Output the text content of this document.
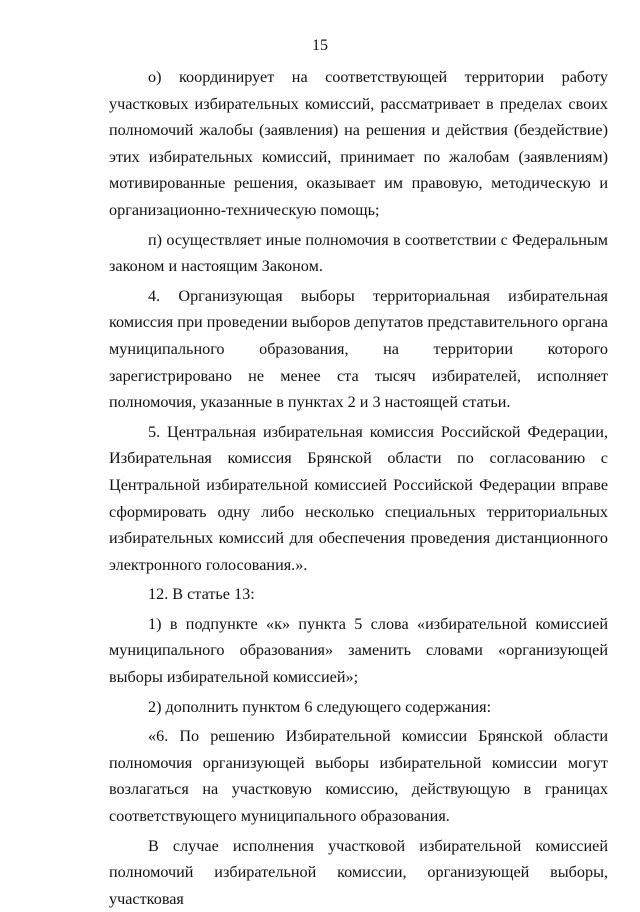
15

о) координирует на соответствующей территории работу участковых избирательных комиссий, рассматривает в пределах своих полномочий жалобы (заявления) на решения и действия (бездействие) этих избирательных комиссий, принимает по жалобам (заявлениям) мотивированные решения, оказывает им правовую, методическую и организационно-техническую помощь;

п) осуществляет иные полномочия в соответствии с Федеральным законом и настоящим Законом.

4. Организующая выборы территориальная избирательная комиссия при проведении выборов депутатов представительного органа муниципального образования, на территории которого зарегистрировано не менее ста тысяч избирателей, исполняет полномочия, указанные в пунктах 2 и 3 настоящей статьи.

5. Центральная избирательная комиссия Российской Федерации, Избирательная комиссия Брянской области по согласованию с Центральной избирательной комиссией Российской Федерации вправе сформировать одну либо несколько специальных территориальных избирательных комиссий для обеспечения проведения дистанционного электронного голосования.».

12. В статье 13:

1) в подпункте «к» пункта 5 слова «избирательной комиссией муниципального образования» заменить словами «организующей выборы избирательной комиссией»;

2) дополнить пунктом 6 следующего содержания:

«6. По решению Избирательной комиссии Брянской области полномочия организующей выборы избирательной комиссии могут возлагаться на участковую комиссию, действующую в границах соответствующего муниципального образования.

В случае исполнения участковой избирательной комиссией полномочий избирательной комиссии, организующей выборы, участковая
